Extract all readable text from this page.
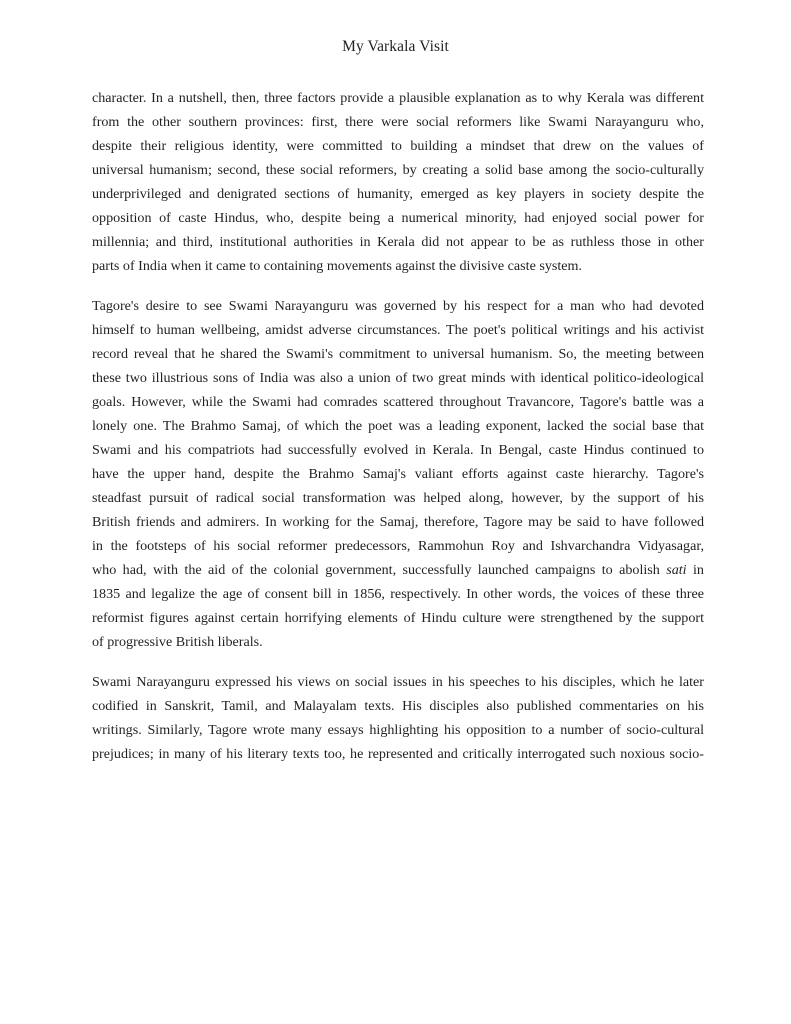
My Varkala Visit
character. In a nutshell, then, three factors provide a plausible explanation as to why Kerala was different
from the other southern provinces: first, there were social reformers like Swami Narayanguru who,
despite their religious identity, were committed to building a mindset that drew on the values of
universal humanism; second, these social reformers, by creating a solid base among the socio-culturally
underprivileged and denigrated sections of humanity, emerged as key players in society despite the
opposition of caste Hindus, who, despite being a numerical minority, had enjoyed social power for
millennia; and third, institutional authorities in Kerala did not appear to be as ruthless those in other
parts of India when it came to containing movements against the divisive caste system.
Tagore's desire to see Swami Narayanguru was governed by his respect for a man who had devoted
himself to human wellbeing, amidst adverse circumstances. The poet's political writings and his activist
record reveal that he shared the Swami's commitment to universal humanism. So, the meeting between
these two illustrious sons of India was also a union of two great minds with identical politico-ideological
goals. However, while the Swami had comrades scattered throughout Travancore, Tagore's battle was a
lonely one. The Brahmo Samaj, of which the poet was a leading exponent, lacked the social base that
Swami and his compatriots had successfully evolved in Kerala. In Bengal, caste Hindus continued to
have the upper hand, despite the Brahmo Samaj's valiant efforts against caste hierarchy. Tagore's
steadfast pursuit of radical social transformation was helped along, however, by the support of his
British friends and admirers. In working for the Samaj, therefore, Tagore may be said to have followed
in the footsteps of his social reformer predecessors, Rammohun Roy and Ishvarchandra Vidyasagar,
who had, with the aid of the colonial government, successfully launched campaigns to abolish sati in
1835 and legalize the age of consent bill in 1856, respectively. In other words, the voices of these three
reformist figures against certain horrifying elements of Hindu culture were strengthened by the support
of progressive British liberals.
Swami Narayanguru expressed his views on social issues in his speeches to his disciples, which he later
codified in Sanskrit, Tamil, and Malayalam texts. His disciples also published commentaries on his
writings. Similarly, Tagore wrote many essays highlighting his opposition to a number of socio-cultural
prejudices; in many of his literary texts too, he represented and critically interrogated such noxious socio-
